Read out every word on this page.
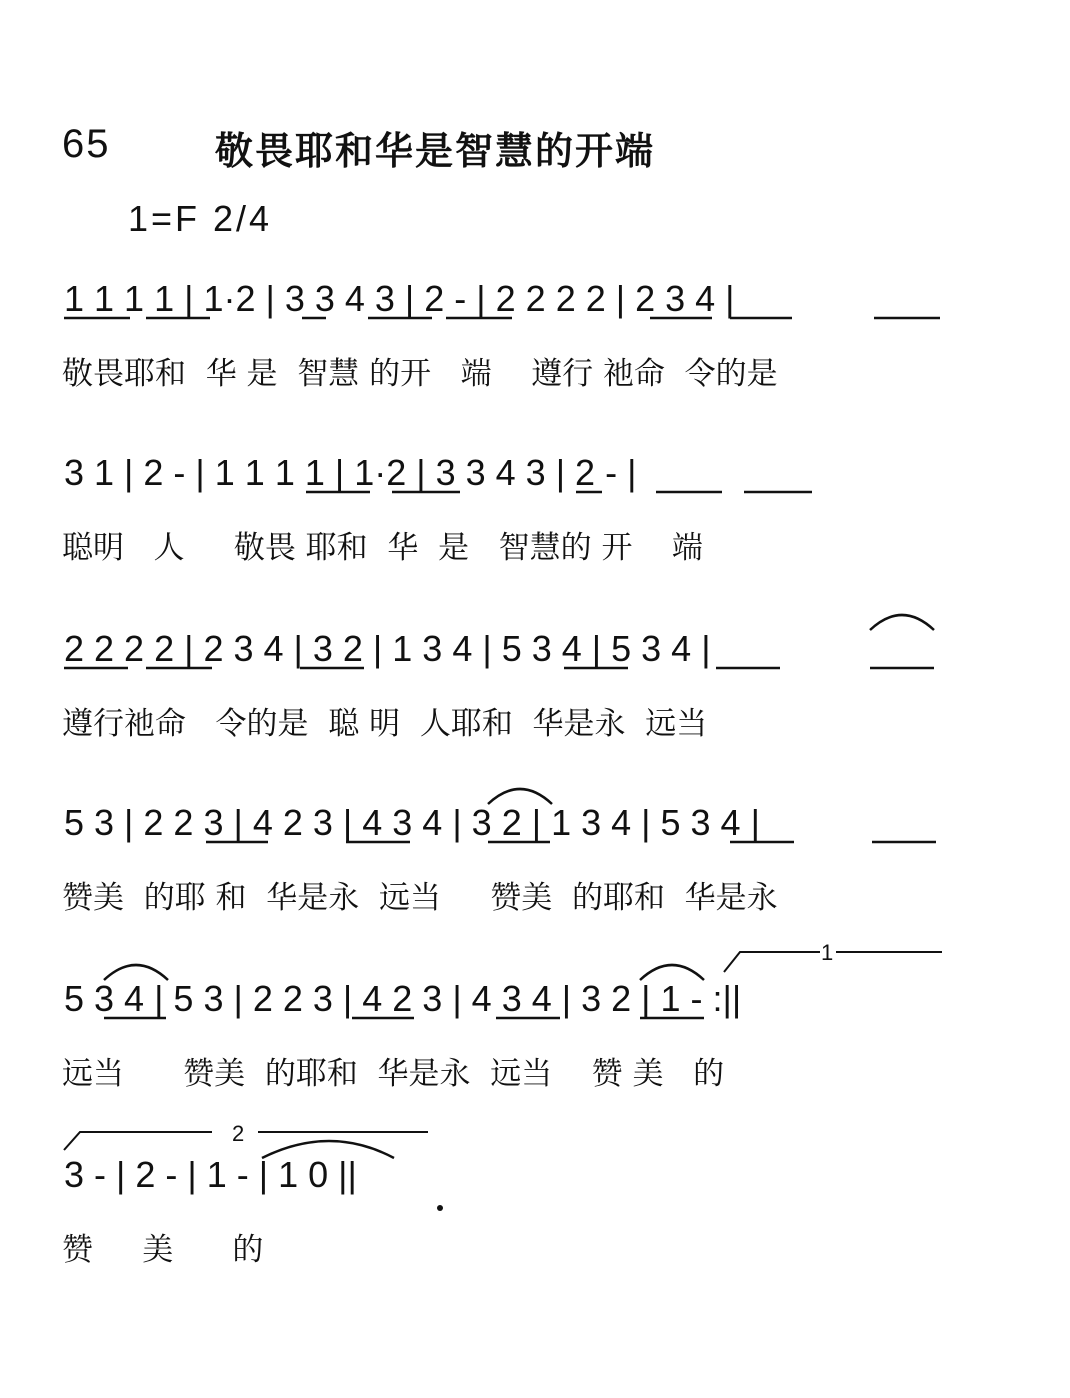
65	敬畏耶和华是智慧的开端
1=F 2/4
1 1 1 1 | 1·2 | 3 3 4 3 | 2 - | 2 2 2 2 | 2 3 4 |
敬畏耶和  华 是  智慧 的开   端    遵行 祂命  令的是
3 1 | 2 - | 1 1 1 1 | 1·2 | 3 3 4 3 | 2 - |
聪明   人     敬畏 耶和  华  是   智慧的 开    端
2 2 2 2 | 2 3 4 | 3 2 | 1 3 4 | 5 3 4 | 5 3 4 |
遵行祂命   令的是  聪 明  人耶和  华是永  远当
5 3 | 2 2 3 | 4 2 3 | 4 3 4 | 3 2 | 1 3 4 | 5 3 4 |
赞美  的耶 和  华是永  远当     赞美  的耶和  华是永
5 3 4 | 5 3 | 2 2 3 | 4 2 3 | 4 3 4 | 3 2 | 1 - :||
远当      赞美  的耶和  华是永  远当    赞 美   的
3 - | 2 - | 1 - | 1 0 ||
赞     美      的
1
2
